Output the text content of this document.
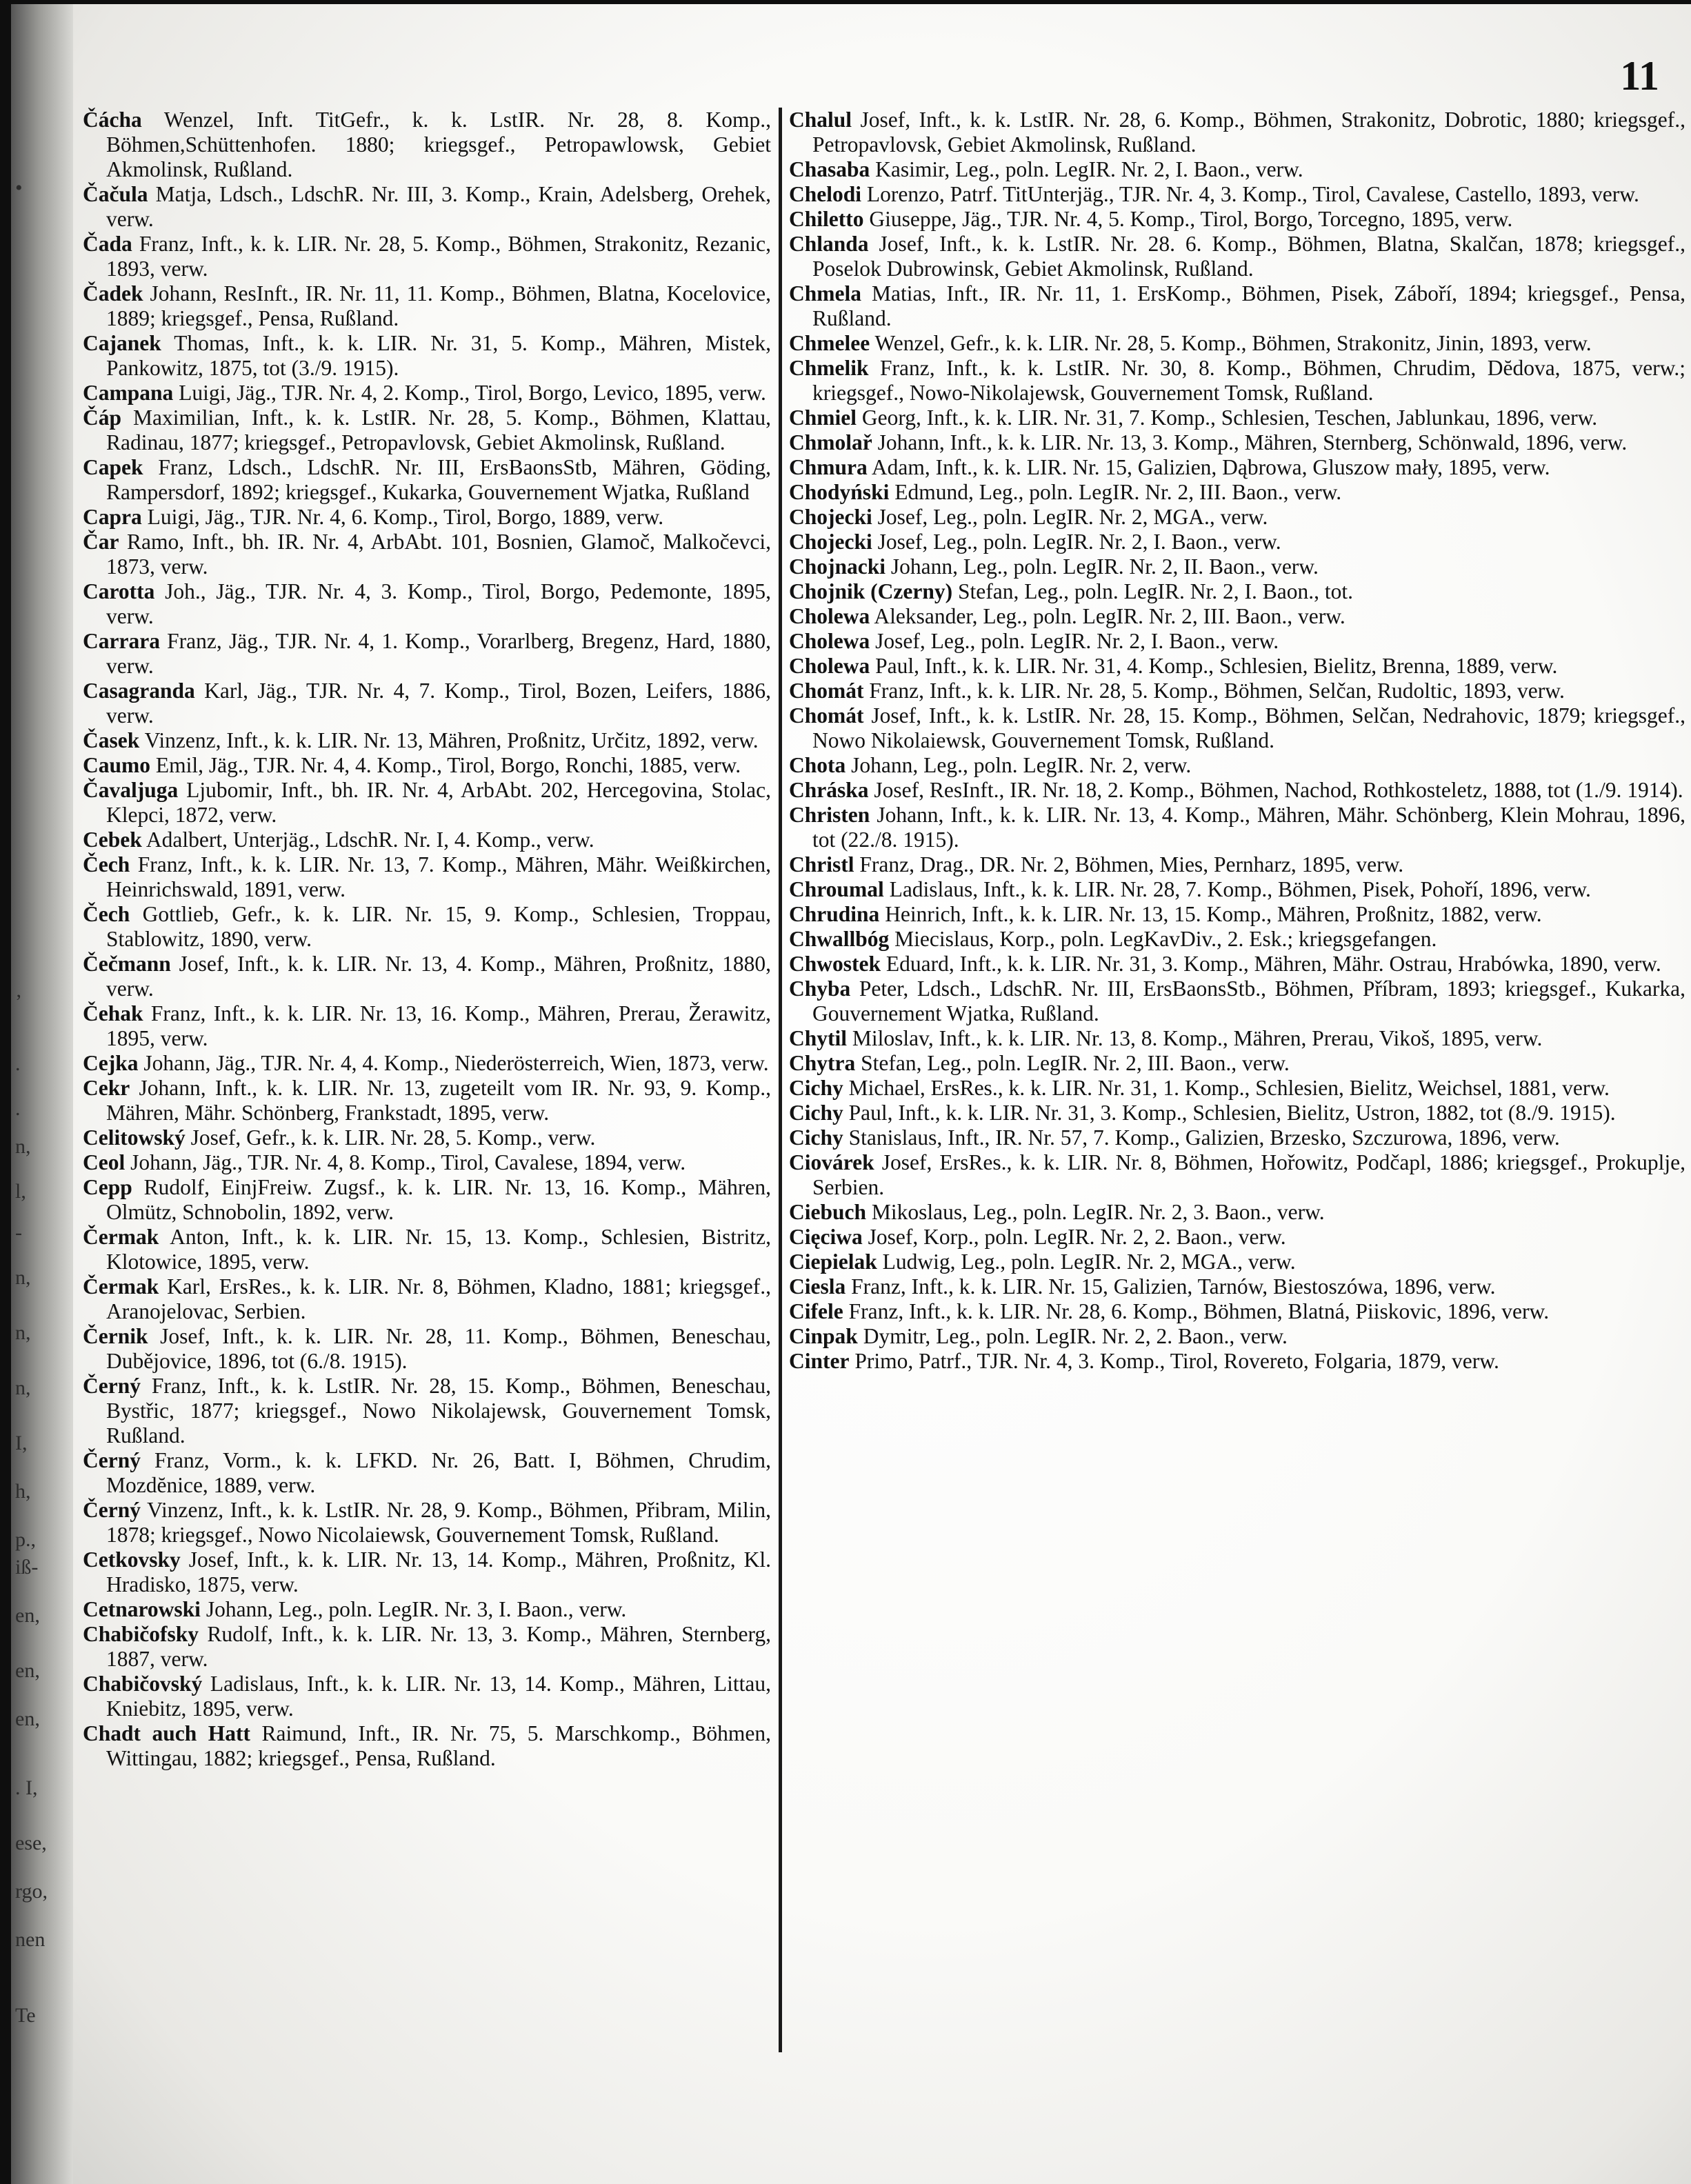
•
’
.
.
n,
l,
-
n,
n,
n,
I,
h,
p.,
iß-
en,
en,
en,
. I,
ese,
rgo,
nen
Te
11

Čácha Wenzel, Inft. TitGefr., k. k. LstIR. Nr. 28, 8. Komp., Böhmen,Schüttenhofen. 1880; kriegsgef., Petropawlowsk, Gebiet Akmolinsk, Rußland.

Čačula Matja, Ldsch., LdschR. Nr. III, 3. Komp., Krain, Adelsberg, Orehek, verw.

Čada Franz, Inft., k. k. LIR. Nr. 28, 5. Komp., Böhmen, Strakonitz, Rezanic, 1893, verw.

Čadek Johann, ResInft., IR. Nr. 11, 11. Komp., Böhmen, Blatna, Kocelovice, 1889; kriegsgef., Pensa, Rußland.

Cajanek Thomas, Inft., k. k. LIR. Nr. 31, 5. Komp., Mähren, Mistek, Pankowitz, 1875, tot (3./9. 1915).

Campana Luigi, Jäg., TJR. Nr. 4, 2. Komp., Tirol, Borgo, Levico, 1895, verw.

Čáp Maximilian, Inft., k. k. LstIR. Nr. 28, 5. Komp., Böhmen, Klattau, Radinau, 1877; kriegsgef., Petropavlovsk, Gebiet Akmolinsk, Rußland.

Capek Franz, Ldsch., LdschR. Nr. III, ErsBaonsStb, Mähren, Göding, Rampersdorf, 1892; kriegsgef., Kukarka, Gouvernement Wjatka, Rußland

Capra Luigi, Jäg., TJR. Nr. 4, 6. Komp., Tirol, Borgo, 1889, verw.

Čar Ramo, Inft., bh. IR. Nr. 4, ArbAbt. 101, Bosnien, Glamoč, Malkočevci, 1873, verw.

Carotta Joh., Jäg., TJR. Nr. 4, 3. Komp., Tirol, Borgo, Pedemonte, 1895, verw.

Carrara Franz, Jäg., TJR. Nr. 4, 1. Komp., Vorarlberg, Bregenz, Hard, 1880, verw.

Casagranda Karl, Jäg., TJR. Nr. 4, 7. Komp., Tirol, Bozen, Leifers, 1886, verw.

Časek Vinzenz, Inft., k. k. LIR. Nr. 13, Mähren, Proßnitz, Určitz, 1892, verw.

Caumo Emil, Jäg., TJR. Nr. 4, 4. Komp., Tirol, Borgo, Ronchi, 1885, verw.

Čavaljuga Ljubomir, Inft., bh. IR. Nr. 4, ArbAbt. 202, Hercegovina, Stolac, Klepci, 1872, verw.

Cebek Adalbert, Unterjäg., LdschR. Nr. I, 4. Komp., verw.

Čech Franz, Inft., k. k. LIR. Nr. 13, 7. Komp., Mähren, Mähr. Weißkirchen, Heinrichswald, 1891, verw.

Čech Gottlieb, Gefr., k. k. LIR. Nr. 15, 9. Komp., Schlesien, Troppau, Stablowitz, 1890, verw.

Čečmann Josef, Inft., k. k. LIR. Nr. 13, 4. Komp., Mähren, Proßnitz, 1880, verw.

Čehak Franz, Inft., k. k. LIR. Nr. 13, 16. Komp., Mähren, Prerau, Žerawitz, 1895, verw.

Cejka Johann, Jäg., TJR. Nr. 4, 4. Komp., Niederösterreich, Wien, 1873, verw.

Cekr Johann, Inft., k. k. LIR. Nr. 13, zugeteilt vom IR. Nr. 93, 9. Komp., Mähren, Mähr. Schönberg, Frankstadt, 1895, verw.

Celitowský Josef, Gefr., k. k. LIR. Nr. 28, 5. Komp., verw.

Ceol Johann, Jäg., TJR. Nr. 4, 8. Komp., Tirol, Cavalese, 1894, verw.

Cepp Rudolf, EinjFreiw. Zugsf., k. k. LIR. Nr. 13, 16. Komp., Mähren, Olmütz, Schnobolin, 1892, verw.

Čermak Anton, Inft., k. k. LIR. Nr. 15, 13. Komp., Schlesien, Bistritz, Klotowice, 1895, verw.

Čermak Karl, ErsRes., k. k. LIR. Nr. 8, Böhmen, Kladno, 1881; kriegsgef., Aranojelovac, Serbien.

Černik Josef, Inft., k. k. LIR. Nr. 28, 11. Komp., Böhmen, Beneschau, Dubějovice, 1896, tot (6./8. 1915).

Černý Franz, Inft., k. k. LstIR. Nr. 28, 15. Komp., Böhmen, Beneschau, Bystřic, 1877; kriegsgef., Nowo Nikolajewsk, Gouvernement Tomsk, Rußland.

Černý Franz, Vorm., k. k. LFKD. Nr. 26, Batt. I, Böhmen, Chrudim, Mozdĕnice, 1889, verw.

Černý Vinzenz, Inft., k. k. LstIR. Nr. 28, 9. Komp., Böhmen, Přibram, Milin, 1878; kriegsgef., Nowo Nicolaiewsk, Gouvernement Tomsk, Rußland.

Cetkovsky Josef, Inft., k. k. LIR. Nr. 13, 14. Komp., Mähren, Proßnitz, Kl. Hradisko, 1875, verw.

Cetnarowski Johann, Leg., poln. LegIR. Nr. 3, I. Baon., verw.

Chabičofsky Rudolf, Inft., k. k. LIR. Nr. 13, 3. Komp., Mähren, Sternberg, 1887, verw.

Chabičovský Ladislaus, Inft., k. k. LIR. Nr. 13, 14. Komp., Mähren, Littau, Kniebitz, 1895, verw.

Chadt auch Hatt Raimund, Inft., IR. Nr. 75, 5. Marschkomp., Böhmen, Wittingau, 1882; kriegsgef., Pensa, Rußland.

Chalul Josef, Inft., k. k. LstIR. Nr. 28, 6. Komp., Böhmen, Strakonitz, Dobrotic, 1880; kriegsgef., Petropavlovsk, Gebiet Akmolinsk, Rußland.

Chasaba Kasimir, Leg., poln. LegIR. Nr. 2, I. Baon., verw.

Chelodi Lorenzo, Patrf. TitUnterjäg., TJR. Nr. 4, 3. Komp., Tirol, Cavalese, Castello, 1893, verw.

Chiletto Giuseppe, Jäg., TJR. Nr. 4, 5. Komp., Tirol, Borgo, Torcegno, 1895, verw.

Chlanda Josef, Inft., k. k. LstIR. Nr. 28. 6. Komp., Böhmen, Blatna, Skalčan, 1878; kriegsgef., Poselok Dubrowinsk, Gebiet Akmolinsk, Rußland.

Chmela Matias, Inft., IR. Nr. 11, 1. ErsKomp., Böhmen, Pisek, Záboří, 1894; kriegsgef., Pensa, Rußland.

Chmelee Wenzel, Gefr., k. k. LIR. Nr. 28, 5. Komp., Böhmen, Strakonitz, Jinin, 1893, verw.

Chmelik Franz, Inft., k. k. LstIR. Nr. 30, 8. Komp., Böhmen, Chrudim, Dĕdova, 1875, verw.; kriegsgef., Nowo-Nikolajewsk, Gouvernement Tomsk, Rußland.

Chmiel Georg, Inft., k. k. LIR. Nr. 31, 7. Komp., Schlesien, Teschen, Jablunkau, 1896, verw.

Chmolař Johann, Inft., k. k. LIR. Nr. 13, 3. Komp., Mähren, Sternberg, Schönwald, 1896, verw.

Chmura Adam, Inft., k. k. LIR. Nr. 15, Galizien, Dąbrowa, Gluszow mały, 1895, verw.

Chodyński Edmund, Leg., poln. LegIR. Nr. 2, III. Baon., verw.

Chojecki Josef, Leg., poln. LegIR. Nr. 2, MGA., verw.

Chojecki Josef, Leg., poln. LegIR. Nr. 2, I. Baon., verw.

Chojnacki Johann, Leg., poln. LegIR. Nr. 2, II. Baon., verw.

Chojnik (Czerny) Stefan, Leg., poln. LegIR. Nr. 2, I. Baon., tot.

Cholewa Aleksander, Leg., poln. LegIR. Nr. 2, III. Baon., verw.

Cholewa Josef, Leg., poln. LegIR. Nr. 2, I. Baon., verw.

Cholewa Paul, Inft., k. k. LIR. Nr. 31, 4. Komp., Schlesien, Bielitz, Brenna, 1889, verw.

Chomát Franz, Inft., k. k. LIR. Nr. 28, 5. Komp., Böhmen, Selčan, Rudoltic, 1893, verw.

Chomát Josef, Inft., k. k. LstIR. Nr. 28, 15. Komp., Böhmen, Selčan, Nedrahovic, 1879; kriegsgef., Nowo Nikolaiewsk, Gouvernement Tomsk, Rußland.

Chota Johann, Leg., poln. LegIR. Nr. 2, verw.

Chráska Josef, ResInft., IR. Nr. 18, 2. Komp., Böhmen, Nachod, Rothkosteletz, 1888, tot (1./9. 1914).

Christen Johann, Inft., k. k. LIR. Nr. 13, 4. Komp., Mähren, Mähr. Schönberg, Klein Mohrau, 1896, tot (22./8. 1915).

Christl Franz, Drag., DR. Nr. 2, Böhmen, Mies, Pernharz, 1895, verw.

Chroumal Ladislaus, Inft., k. k. LIR. Nr. 28, 7. Komp., Böhmen, Pisek, Pohoří, 1896, verw.

Chrudina Heinrich, Inft., k. k. LIR. Nr. 13, 15. Komp., Mähren, Proßnitz, 1882, verw.

Chwallbóg Miecislaus, Korp., poln. LegKavDiv., 2. Esk.; kriegsgefangen.

Chwostek Eduard, Inft., k. k. LIR. Nr. 31, 3. Komp., Mähren, Mähr. Ostrau, Hrabówka, 1890, verw.

Chyba Peter, Ldsch., LdschR. Nr. III, ErsBaonsStb., Böhmen, Příbram, 1893; kriegsgef., Kukarka, Gouvernement Wjatka, Rußland.

Chytil Miloslav, Inft., k. k. LIR. Nr. 13, 8. Komp., Mähren, Prerau, Vikoš, 1895, verw.

Chytra Stefan, Leg., poln. LegIR. Nr. 2, III. Baon., verw.

Cichy Michael, ErsRes., k. k. LIR. Nr. 31, 1. Komp., Schlesien, Bielitz, Weichsel, 1881, verw.

Cichy Paul, Inft., k. k. LIR. Nr. 31, 3. Komp., Schlesien, Bielitz, Ustron, 1882, tot (8./9. 1915).

Cichy Stanislaus, Inft., IR. Nr. 57, 7. Komp., Galizien, Brzesko, Szczurowa, 1896, verw.

Ciovárek Josef, ErsRes., k. k. LIR. Nr. 8, Böhmen, Hořowitz, Podčapl, 1886; kriegsgef., Prokuplje, Serbien.

Ciebuch Mikoslaus, Leg., poln. LegIR. Nr. 2, 3. Baon., verw.

Cięciwa Josef, Korp., poln. LegIR. Nr. 2, 2. Baon., verw.

Ciepielak Ludwig, Leg., poln. LegIR. Nr. 2, MGA., verw.

Ciesla Franz, Inft., k. k. LIR. Nr. 15, Galizien, Tarnów, Biestoszówa, 1896, verw.

Cifele Franz, Inft., k. k. LIR. Nr. 28, 6. Komp., Böhmen, Blatná, Piiskovic, 1896, verw.

Cinpak Dymitr, Leg., poln. LegIR. Nr. 2, 2. Baon., verw.

Cinter Primo, Patrf., TJR. Nr. 4, 3. Komp., Tirol, Rovereto, Folgaria, 1879, verw.
